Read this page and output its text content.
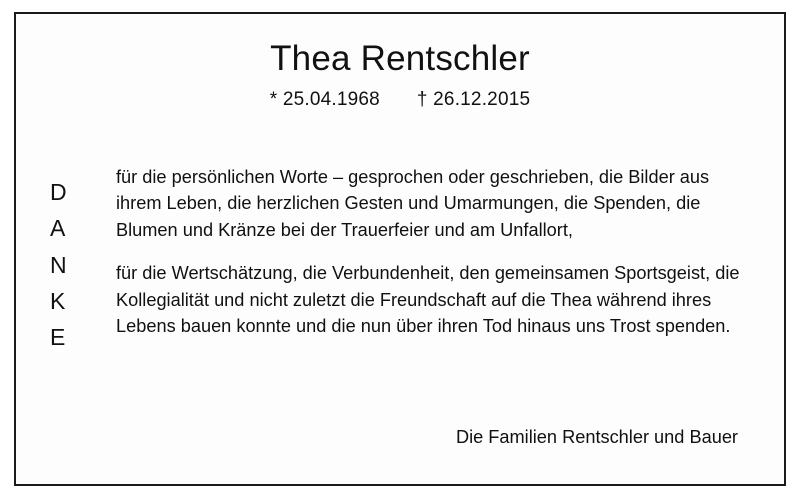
Thea Rentschler
* 25.04.1968 † 26.12.2015
D
A
N
K
E

für die persönlichen Worte – gesprochen oder geschrieben, die Bilder aus ihrem Leben, die herzlichen Gesten und Umarmungen, die Spenden, die Blumen und Kränze bei der Trauerfeier und am Unfallort,

für die Wertschätzung, die Verbundenheit, den gemeinsamen Sportsgeist, die Kollegialität und nicht zuletzt die Freundschaft auf die Thea während ihres Lebens bauen konnte und die nun über ihren Tod hinaus uns Trost spenden.

Die Familien Rentschler und Bauer
